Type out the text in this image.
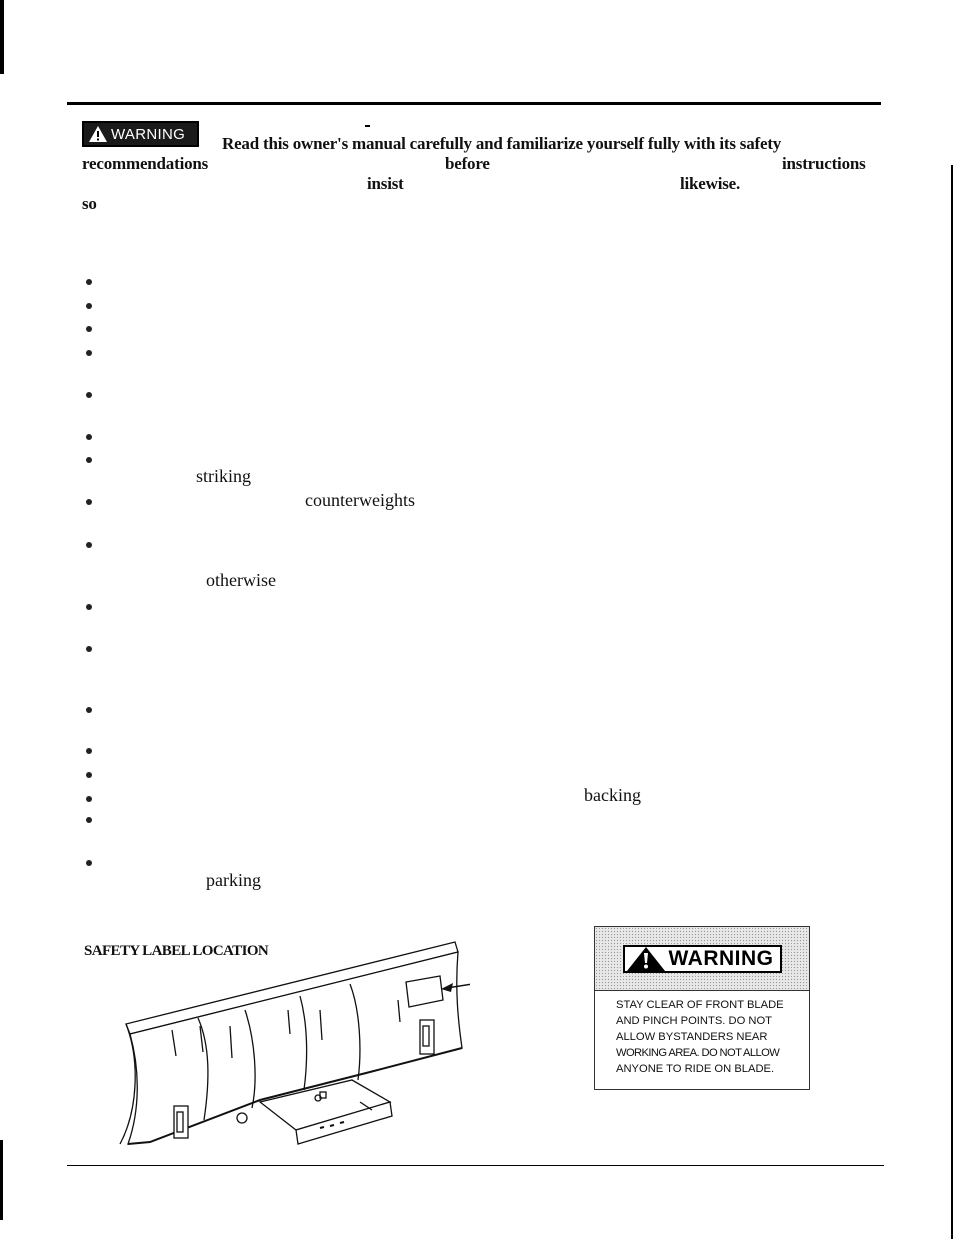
WARNING Read this owner's manual carefully and familiarize yourself fully with its safety
recommendations	before	instructions
insist	likewise.
so
striking
counterweights
otherwise
backing
parking
SAFETY LABEL LOCATION	WARNING
STAY CLEAR OF FRONT BLADE
AND PINCH POINTS. DO NOT
ALLOW BYSTANDERS NEAR
WORKING AREA. DO NOT ALLOW
ANYONE TO RIDE ON BLADE.
